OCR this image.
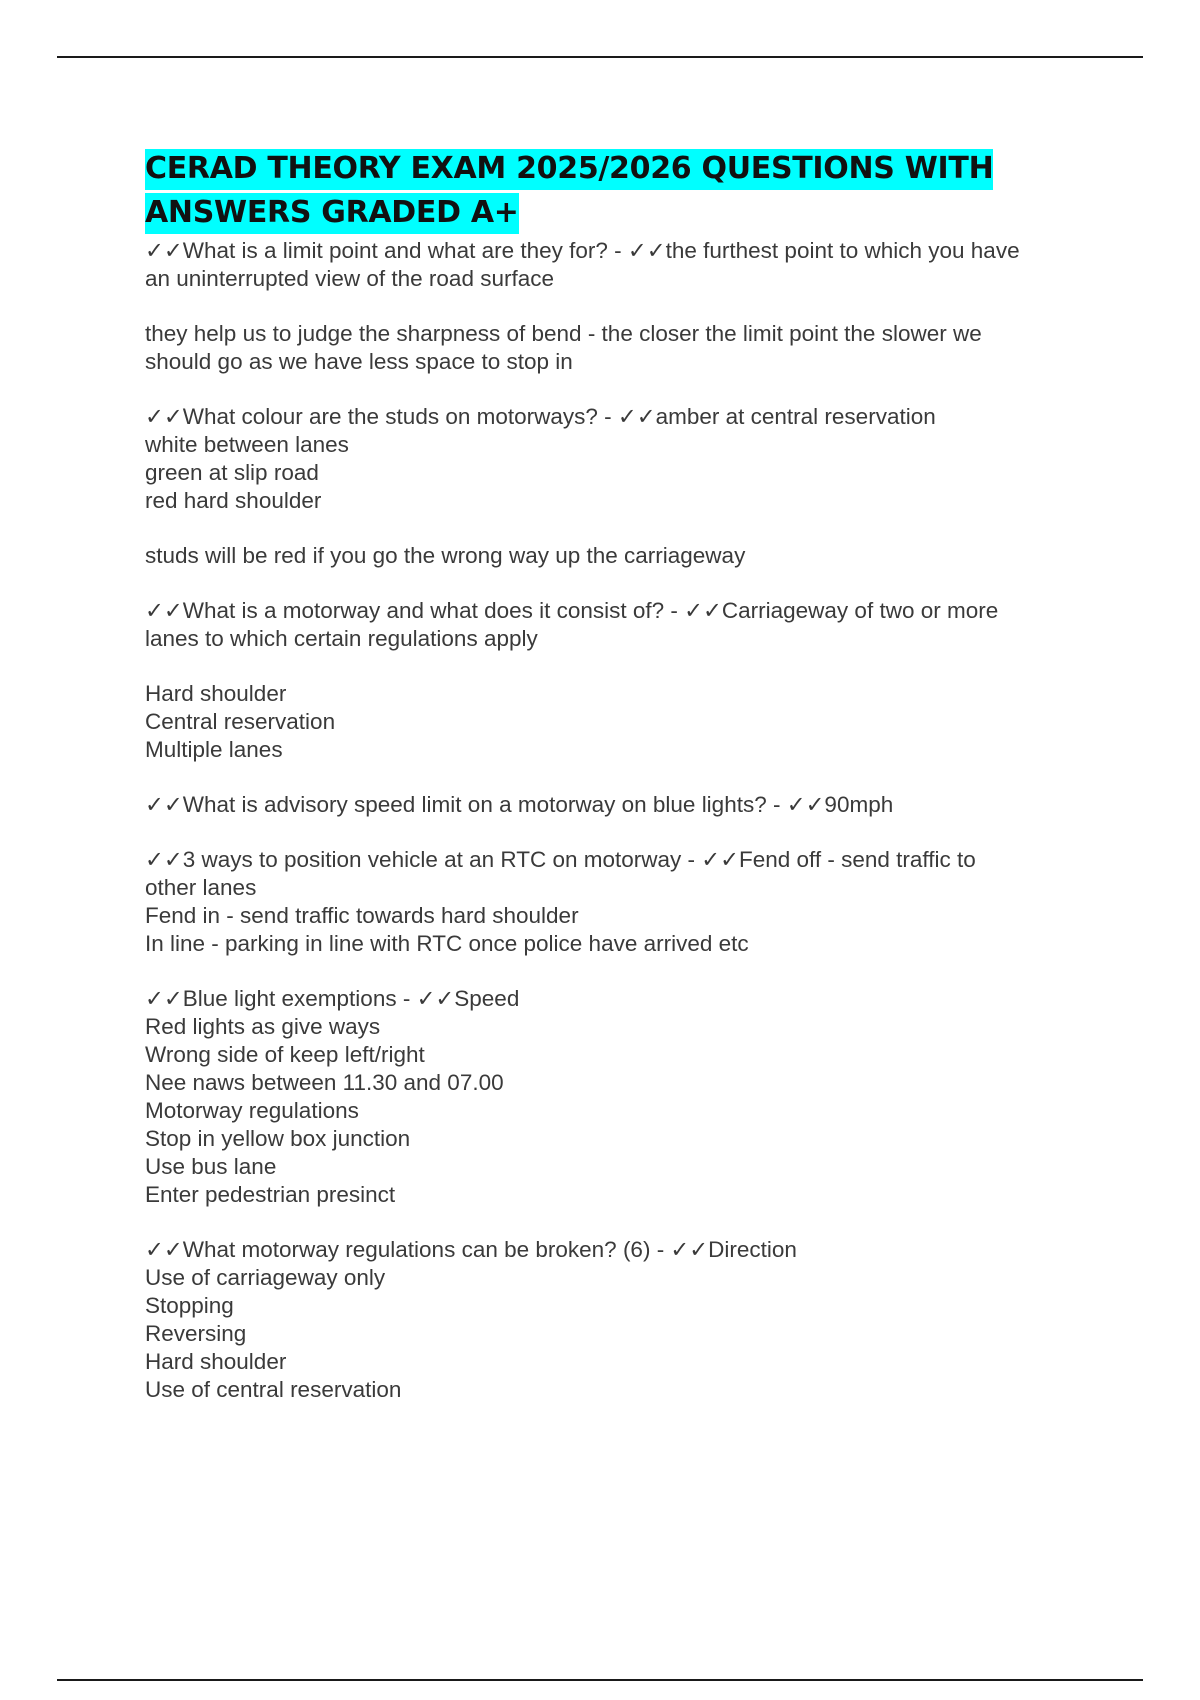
CERAD THEORY EXAM 2025/2026 QUESTIONS WITH ANSWERS GRADED A+
✓✓What is a limit point and what are they for? - ✓✓the furthest point to which you have
an uninterrupted view of the road surface
they help us to judge the sharpness of bend - the closer the limit point the slower we
should go as we have less space to stop in
✓✓What colour are the studs on motorways? - ✓✓amber at central reservation
white between lanes
green at slip road
red hard shoulder
studs will be red if you go the wrong way up the carriageway
✓✓What is a motorway and what does it consist of? - ✓✓Carriageway of two or more
lanes to which certain regulations apply
Hard shoulder
Central reservation
Multiple lanes
✓✓What is advisory speed limit on a motorway on blue lights? - ✓✓90mph
✓✓3 ways to position vehicle at an RTC on motorway - ✓✓Fend off - send traffic to
other lanes
Fend in - send traffic towards hard shoulder
In line - parking in line with RTC once police have arrived etc
✓✓Blue light exemptions - ✓✓Speed
Red lights as give ways
Wrong side of keep left/right
Nee naws between 11.30 and 07.00
Motorway regulations
Stop in yellow box junction
Use bus lane
Enter pedestrian presinct
✓✓What motorway regulations can be broken? (6) - ✓✓Direction
Use of carriageway only
Stopping
Reversing
Hard shoulder
Use of central reservation
